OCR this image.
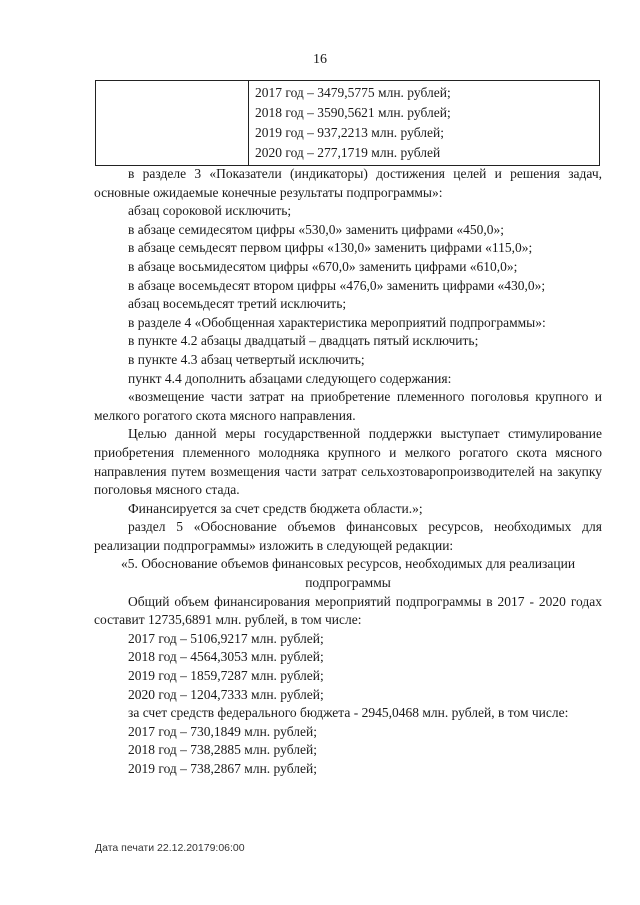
16

2017 год – 3479,5775 млн. рублей;
2018 год – 3590,5621 млн. рублей;
2019 год – 937,2213 млн. рублей;
2020 год – 277,1719 млн. рублей

в разделе 3 «Показатели (индикаторы) достижения целей и решения задач, основные ожидаемые конечные результаты подпрограммы»:

абзац сороковой исключить;

в абзаце семидесятом цифры «530,0» заменить цифрами «450,0»;

в абзаце семьдесят первом цифры «130,0» заменить цифрами «115,0»;

в абзаце восьмидесятом цифры «670,0» заменить цифрами «610,0»;

в абзаце восемьдесят втором цифры «476,0» заменить цифрами «430,0»;

абзац восемьдесят третий исключить;

в разделе 4 «Обобщенная характеристика мероприятий подпрограммы»:

в пункте 4.2 абзацы двадцатый – двадцать пятый исключить;

в пункте 4.3 абзац четвертый исключить;

пункт 4.4 дополнить абзацами следующего содержания:

«возмещение части затрат на приобретение племенного поголовья крупного и мелкого рогатого скота мясного направления.

Целью данной меры государственной поддержки выступает стимулирование приобретения племенного молодняка крупного и мелкого рогатого скота мясного направления путем возмещения части затрат сельхозтоваропроизводителей на закупку поголовья мясного стада.

Финансируется за счет средств бюджета области.»;

раздел 5 «Обоснование объемов финансовых ресурсов, необходимых для реализации подпрограммы» изложить в следующей редакции:

«5. Обоснование объемов финансовых ресурсов, необходимых для реализации подпрограммы

Общий объем финансирования мероприятий подпрограммы в 2017 - 2020 годах составит 12735,6891 млн. рублей, в том числе:

2017 год – 5106,9217 млн. рублей;

2018 год – 4564,3053 млн. рублей;

2019 год – 1859,7287 млн. рублей;

2020 год – 1204,7333 млн. рублей;

за счет средств федерального бюджета - 2945,0468 млн. рублей, в том числе:

2017 год – 730,1849 млн. рублей;

2018 год – 738,2885 млн. рублей;

2019 год – 738,2867 млн. рублей;

Дата печати 22.12.20179:06:00
